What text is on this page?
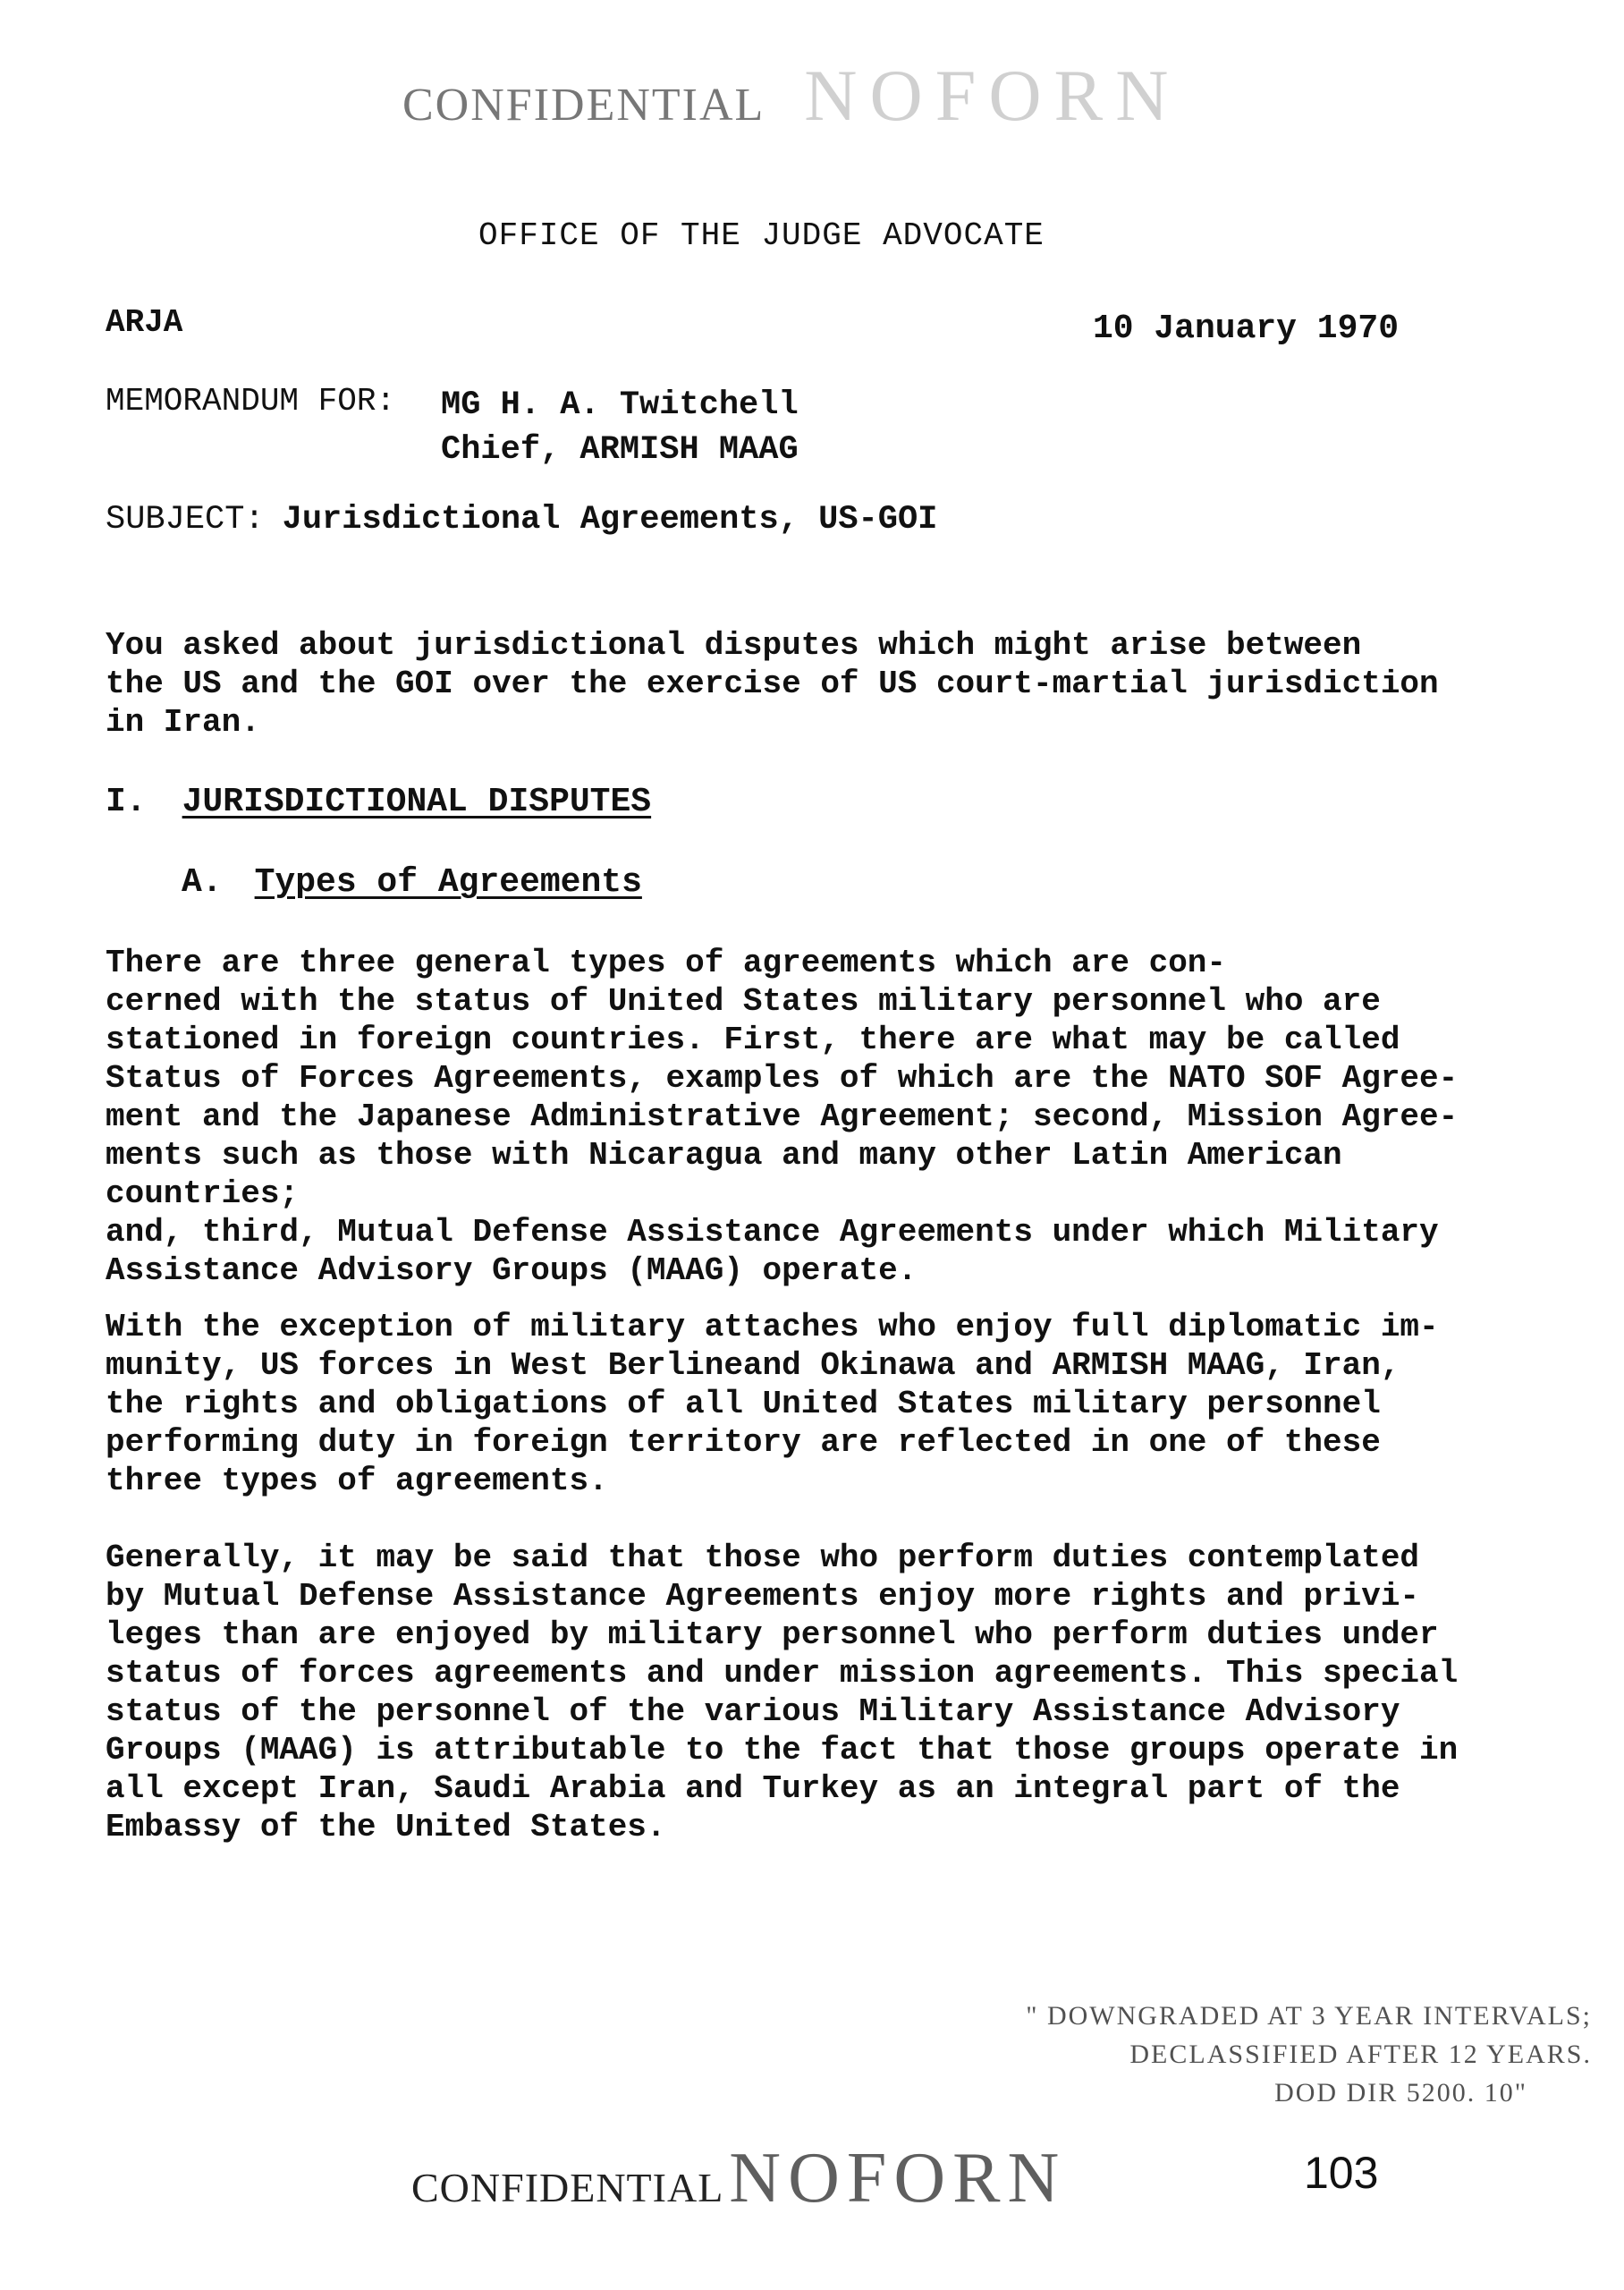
CONFIDENTIAL NOFORN
OFFICE OF THE JUDGE ADVOCATE
ARJA	10 January 1970
MEMORANDUM FOR: MG H. A. Twitchell
Chief, ARMISH MAAG
SUBJECT: Jurisdictional Agreements, US-GOI

You asked about jurisdictional disputes which might arise between
the US and the GOI over the exercise of US court-martial jurisdiction
in Iran.

I. JURISDICTIONAL DISPUTES
A. Types of Agreements

There are three general types of agreements which are con-
cerned with the status of United States military personnel who are
stationed in foreign countries. First, there are what may be called
Status of Forces Agreements, examples of which are the NATO SOF Agree-
ment and the Japanese Administrative Agreement; second, Mission Agree-
ments such as those with Nicaragua and many other Latin American countries;
and, third, Mutual Defense Assistance Agreements under which Military
Assistance Advisory Groups (MAAG) operate.

With the exception of military attaches who enjoy full diplomatic im-
munity, US forces in West Berlineand Okinawa and ARMISH MAAG, Iran,
the rights and obligations of all United States military personnel
performing duty in foreign territory are reflected in one of these
three types of agreements.

Generally, it may be said that those who perform duties contemplated
by Mutual Defense Assistance Agreements enjoy more rights and privi-
leges than are enjoyed by military personnel who perform duties under
status of forces agreements and under mission agreements. This special
status of the personnel of the various Military Assistance Advisory
Groups (MAAG) is attributable to the fact that those groups operate in
all except Iran, Saudi Arabia and Turkey as an integral part of the
Embassy of the United States.

" DOWNGRADED AT 3 YEAR INTERVALS;
DECLASSIFIED AFTER 12 YEARS.
DOD DIR 5200. 10"
CONFIDENTIAL NOFORN	103
